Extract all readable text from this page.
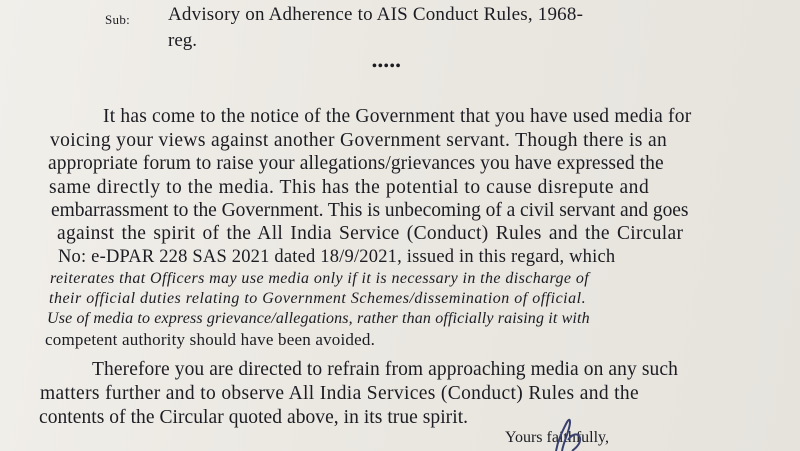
Sub: Advisory on Adherence to AIS Conduct Rules, 1968-
reg.
•••••
It has come to the notice of the Government that you have used media for
voicing your views against another Government servant. Though there is an
appropriate forum to raise your allegations/grievances you have expressed the
same directly to the media. This has the potential to cause disrepute and
embarrassment to the Government. This is unbecoming of a civil servant and goes
against the spirit of the All India Service (Conduct) Rules and the Circular
No: e-DPAR 228 SAS 2021 dated 18/9/2021, issued in this regard, which
reiterates that Officers may use media only if it is necessary in the discharge of
their official duties relating to Government Schemes/dissemination of official.
Use of media to express grievance/allegations, rather than officially raising it with
competent authority should have been avoided.
Therefore you are directed to refrain from approaching media on any such
matters further and to observe All India Services (Conduct) Rules and the
contents of the Circular quoted above, in its true spirit.
Yours faithfully,
